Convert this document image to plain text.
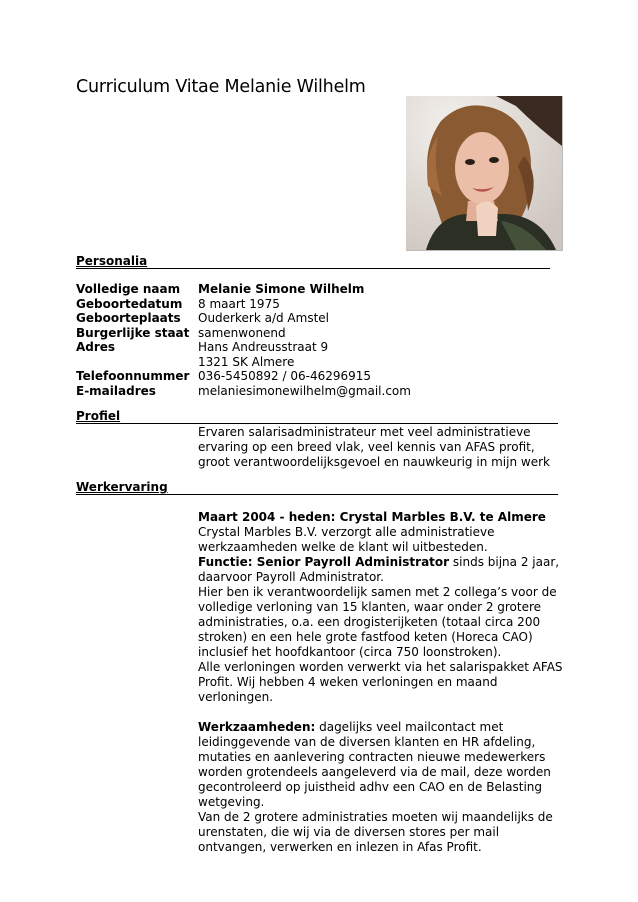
Curriculum Vitae Melanie Wilhelm
Personalia
Volledige naam Melanie Simone Wilhelm
Geboortedatum 8 maart 1975
Geboorteplaats Ouderkerk a/d Amstel
Burgerlijke staat samenwonend
Adres	Hans Andreusstraat 9
1321 SK Almere
Telefoonnummer 036-5450892 / 06-46296915
E-mailadres	melaniesimonewilhelm@gmail.com
Profiel

Ervaren salarisadministrateur met veel administratieve ervaring op een breed vlak, veel kennis van AFAS profit, groot verantwoordelijksgevoel en nauwkeurig in mijn werk

Werkervaring

Maart 2004 - heden: Crystal Marbles B.V. te Almere

Crystal Marbles B.V. verzorgt alle administratieve werkzaamheden welke de klant wil uitbesteden.

Functie: Senior Payroll Administrator sinds bijna 2 jaar, daarvoor Payroll Administrator.

Hier ben ik verantwoordelijk samen met 2 collega’s voor de volledige verloning van 15 klanten, waar onder 2 grotere administraties, o.a. een drogisterijketen (totaal circa 200 stroken) en een hele grote fastfood keten (Horeca CAO) inclusief het hoofdkantoor (circa 750 loonstroken).

Alle verloningen worden verwerkt via het salarispakket AFAS Profit. Wij hebben 4 weken verloningen en maand verloningen.

Werkzaamheden: dagelijks veel mailcontact met leidinggevende van de diversen klanten en HR afdeling, mutaties en aanlevering contracten nieuwe medewerkers worden grotendeels aangeleverd via de mail, deze worden gecontroleerd op juistheid adhv een CAO en de Belasting wetgeving.

Van de 2 grotere administraties moeten wij maandelijks de urenstaten, die wij via de diversen stores per mail ontvangen, verwerken en inlezen in Afas Profit.
